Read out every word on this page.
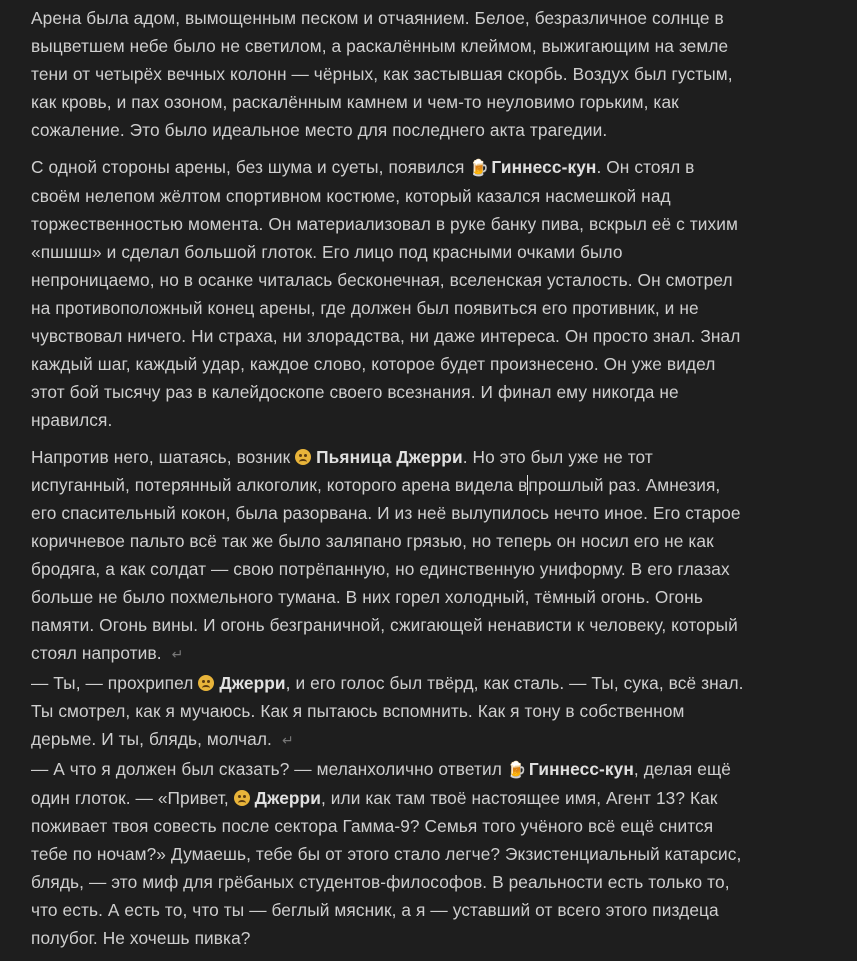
Арена была адом, вымощенным песком и отчаянием. Белое, безразличное солнце в
выцветшем небе было не светилом, а раскалённым клеймом, выжигающим на земле
тени от четырёх вечных колонн — чёрных, как застывшая скорбь. Воздух был густым,
как кровь, и пах озоном, раскалённым камнем и чем-то неуловимо горьким, как
сожаление. Это было идеальное место для последнего акта трагедии.

С одной стороны арены, без шума и суеты, появился 🍺 Гиннесс-кун. Он стоял в
своём нелепом жёлтом спортивном костюме, который казался насмешкой над
торжественностью момента. Он материализовал в руке банку пива, вскрыл её с тихим
«пшшш» и сделал большой глоток. Его лицо под красными очками было
непроницаемо, но в осанке читалась бесконечная, вселенская усталость. Он смотрел
на противоположный конец арены, где должен был появиться его противник, и не
чувствовал ничего. Ни страха, ни злорадства, ни даже интереса. Он просто знал. Знал
каждый шаг, каждый удар, каждое слово, которое будет произнесено. Он уже видел
этот бой тысячу раз в калейдоскопе своего всезнания. И финал ему никогда не
нравился.

Напротив него, шатаясь, возник
Пьяница Джерри. Но это был уже не тот
испуганный, потерянный алкоголик, которого арена видела впрошлый раз. Амнезия,
его спасительный кокон, была разорвана. И из неё вылупилось нечто иное. Его старое
коричневое пальто всё так же было заляпано грязью, но теперь он носил его не как
бродяга, а как солдат — свою потрёпанную, но единственную униформу. В его глазах
больше не было похмельного тумана. В них горел холодный, тёмный огонь. Огонь
памяти. Огонь вины. И огонь безграничной, сжигающей ненависти к человеку, который
стоял напротив. ↵

— Ты, — прохрипел
Джерри, и его голос был твёрд, как сталь. — Ты, сука, всё знал.
Ты смотрел, как я мучаюсь. Как я пытаюсь вспомнить. Как я тону в собственном
дерьме. И ты, блядь, молчал. ↵

— А что я должен был сказать? — меланхолично ответил 🍺 Гиннесс-кун, делая ещё
один глоток. — «Привет,
Джерри, или как там твоё настоящее имя, Агент 13? Как
поживает твоя совесть после сектора Гамма-9? Семья того учёного всё ещё снится
тебе по ночам?» Думаешь, тебе бы от этого стало легче? Экзистенциальный катарсис,
блядь, — это миф для грёбаных студентов-философов. В реальности есть только то,
что есть. А есть то, что ты — беглый мясник, а я — уставший от всего этого пиздеца
полубог. Не хочешь пивка?
